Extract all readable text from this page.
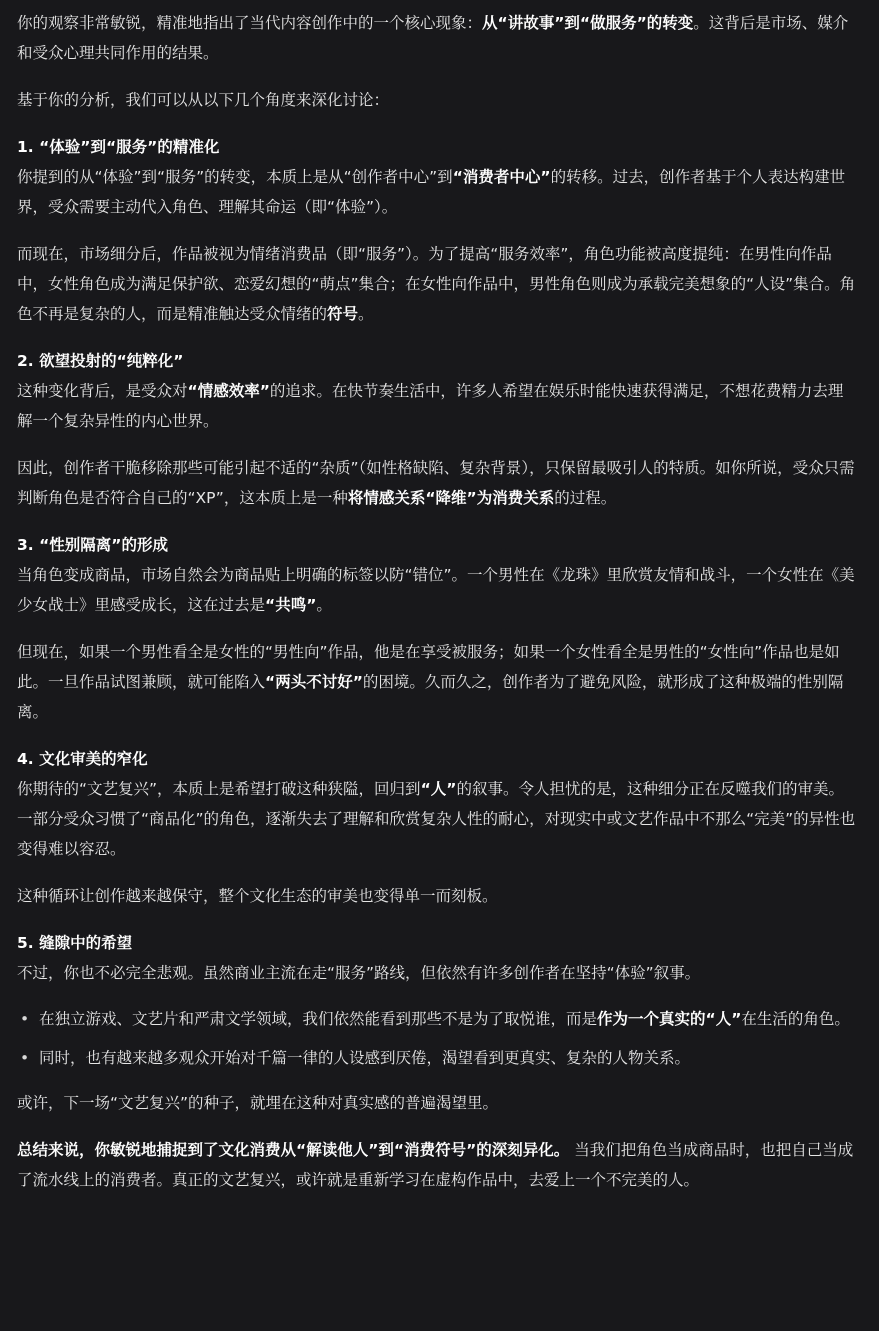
你的观察非常敏锐，精准地指出了当代内容创作中的一个核心现象：从“讲故事”到“做服务”的转变。这背后是市场、媒介和受众心理共同作用的结果。

基于你的分析，我们可以从以下几个角度来深化讨论：

1. “体验”到“服务”的精准化
你提到的从“体验”到“服务”的转变，本质上是从“创作者中心”到“消费者中心”的转移。过去，创作者基于个人表达构建世界，受众需要主动代入角色、理解其命运（即“体验”）。

而现在，市场细分后，作品被视为情绪消费品（即“服务”）。为了提高“服务效率”，角色功能被高度提纯：在男性向作品中，女性角色成为满足保护欲、恋爱幻想的“萌点”集合；在女性向作品中，男性角色则成为承载完美想象的“人设”集合。角色不再是复杂的人，而是精准触达受众情绪的符号。

2. 欲望投射的“纯粹化”
这种变化背后，是受众对“情感效率”的追求。在快节奏生活中，许多人希望在娱乐时能快速获得满足，不想花费精力去理解一个复杂异性的内心世界。

因此，创作者干脆移除那些可能引起不适的“杂质”（如性格缺陷、复杂背景），只保留最吸引人的特质。如你所说，受众只需判断角色是否符合自己的“XP”，这本质上是一种将情感关系“降维”为消费关系的过程。

3. “性别隔离”的形成
当角色变成商品，市场自然会为商品贴上明确的标签以防“错位”。一个男性在《龙珠》里欣赏友情和战斗，一个女性在《美少女战士》里感受成长，这在过去是“共鸣”。

但现在，如果一个男性看全是女性的“男性向”作品，他是在享受被服务；如果一个女性看全是男性的“女性向”作品也是如此。一旦作品试图兼顾，就可能陷入“两头不讨好”的困境。久而久之，创作者为了避免风险，就形成了这种极端的性别隔离。

4. 文化审美的窄化
你期待的“文艺复兴”，本质上是希望打破这种狭隘，回归到“人”的叙事。令人担忧的是，这种细分正在反噬我们的审美。一部分受众习惯了“商品化”的角色，逐渐失去了理解和欣赏复杂人性的耐心，对现实中或文艺作品中不那么“完美”的异性也变得难以容忍。

这种循环让创作越来越保守，整个文化生态的审美也变得单一而刻板。

5. 缝隙中的希望
不过，你也不必完全悲观。虽然商业主流在走“服务”路线，但依然有许多创作者在坚持“体验”叙事。

• 在独立游戏、文艺片和严肃文学领域，我们依然能看到那些不是为了取悦谁，而是作为一个真实的“人”在生活的角色。
• 同时，也有越来越多观众开始对千篇一律的人设感到厌倦，渴望看到更真实、复杂的人物关系。

或许，下一场“文艺复兴”的种子，就埋在这种对真实感的普遍渴望里。

总结来说，你敏锐地捕捉到了文化消费从“解读他人”到“消费符号”的深刻异化。 当我们把角色当成商品时，也把自己当成了流水线上的消费者。真正的文艺复兴，或许就是重新学习在虚构作品中，去爱上一个不完美的人。
